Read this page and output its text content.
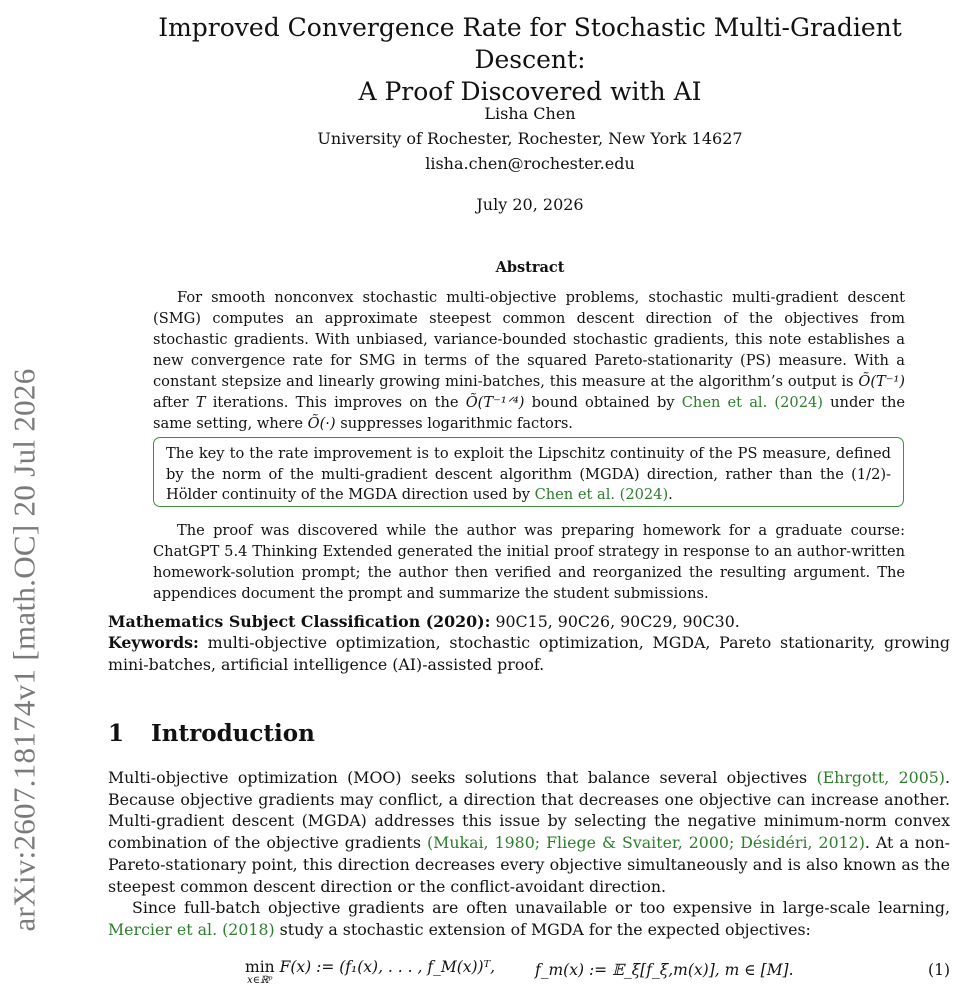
arXiv:2607.18174v1 [math.OC] 20 Jul 2026
Improved Convergence Rate for Stochastic Multi-Gradient Descent:
A Proof Discovered with AI
Lisha Chen
University of Rochester, Rochester, New York 14627
lisha.chen@rochester.edu
July 20, 2026
Abstract
For smooth nonconvex stochastic multi-objective problems, stochastic multi-gradient descent (SMG) computes an approximate steepest common descent direction of the objectives from stochastic gradients. With unbiased, variance-bounded stochastic gradients, this note establishes a new convergence rate for SMG in terms of the squared Pareto-stationarity (PS) measure. With a constant stepsize and linearly growing mini-batches, this measure at the algorithm’s output is Õ(T⁻¹) after T iterations. This improves on the Õ(T⁻¹ᐟ⁴) bound obtained by Chen et al. (2024) under the same setting, where Õ(·) suppresses logarithmic factors.
The key to the rate improvement is to exploit the Lipschitz continuity of the PS measure, defined by the norm of the multi-gradient descent algorithm (MGDA) direction, rather than the (1/2)-Hölder continuity of the MGDA direction used by Chen et al. (2024).
The proof was discovered while the author was preparing homework for a graduate course: ChatGPT 5.4 Thinking Extended generated the initial proof strategy in response to an author-written homework-solution prompt; the author then verified and reorganized the resulting argument. The appendices document the prompt and summarize the student submissions.
Mathematics Subject Classification (2020): 90C15, 90C26, 90C29, 90C30.
Keywords: multi-objective optimization, stochastic optimization, MGDA, Pareto stationarity, growing mini-batches, artificial intelligence (AI)-assisted proof.
1 Introduction
Multi-objective optimization (MOO) seeks solutions that balance several objectives (Ehrgott, 2005). Because objective gradients may conflict, a direction that decreases one objective can increase another. Multi-gradient descent (MGDA) addresses this issue by selecting the negative minimum-norm convex combination of the objective gradients (Mukai, 1980; Fliege & Svaiter, 2000; Désidéri, 2012). At a non-Pareto-stationary point, this direction decreases every objective simultaneously and is also known as the steepest common descent direction or the conflict-avoidant direction.
Since full-batch objective gradients are often unavailable or too expensive in large-scale learning, Mercier et al. (2018) study a stochastic extension of MGDA for the expected objectives:
min
x∈ℝᵖ
F(x) := (f₁(x), . . . , f_M(x))ᵀ,	f_m(x) := 𝔼_ξ[f_ξ,m(x)], m ∈ [M].	(1)
